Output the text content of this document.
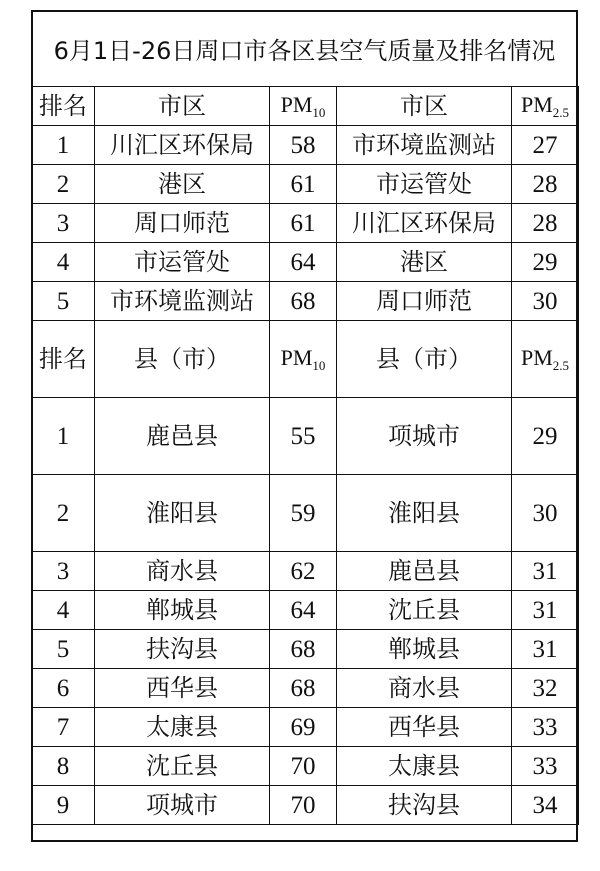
6月1日-26日周口市各区县空气质量及排名情况
排名	市区	$PM_{10}$	市区	$PM_{2.5}$
1	川汇区环保局	58	市环境监测站	27
2	港区	61	市运管处	28
3	周口师范	61	川汇区环保局	28
4	市运管处	64	港区	29
5	市环境监测站	68	周口师范	30
排名	县（市）	$PM_{10}$	县（市）	$PM_{2.5}$
1	鹿邑县	55	项城市	29
2	淮阳县	59	淮阳县	30
3	商水县	62	鹿邑县	31
4	郸城县	64	沈丘县	31
5	扶沟县	68	郸城县	31
6	西华县	68	商水县	32
7	太康县	69	西华县	33
8	沈丘县	70	太康县	33
9	项城市	70	扶沟县	34
